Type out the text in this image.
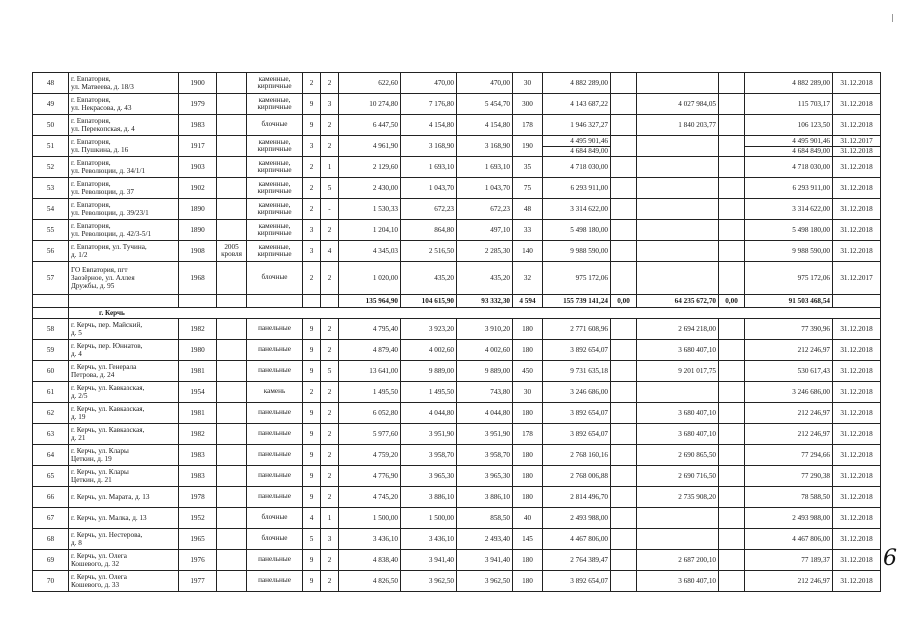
48	г. Евпатория,
ул. Матвеева, д. 18/3	1900		каменные,
кирпичные	2	2	622,60	470,00	470,00	30	4 882 289,00				4 882 289,00	31.12.2018
49	г. Евпатория,
ул. Некрасова, д. 43	1979		каменные,
кирпичные	9	3	10 274,80	7 176,80	5 454,70	300	4 143 687,22		4 027 984,05		115 703,17	31.12.2018
50	г. Евпатория,
ул. Перекопская, д. 4	1983		блочные	9	2	6 447,50	4 154,80	4 154,80	178	1 946 327,27		1 840 203,77		106 123,50	31.12.2018
51	г. Евпатория,
ул. Пушкина, д. 16	1917		каменные,
кирпичные	3	2	4 961,90	3 168,90	3 168,90	190	4 495 901,46
4 684 849,00				4 495 901,46
4 684 849,00	31.12.2017
31.12.2018

52	г. Евпатория,
ул. Революции, д. 34/1/1	1903		каменные,
кирпичные	2	1	2 129,60	1 693,10	1 693,10	35	4 718 030,00				4 718 030,00	31.12.2018
53	г. Евпатория,
ул. Революции, д. 37	1902		каменные,
кирпичные	2	5	2 430,00	1 043,70	1 043,70	75	6 293 911,00				6 293 911,00	31.12.2018
54	г. Евпатория,
ул. Революции, д. 39/23/1	1890		каменные,
кирпичные	2	-	1 530,33	672,23	672,23	48	3 314 622,00				3 314 622,00	31.12.2018
55	г. Евпатория,
ул. Революции, д. 42/3-5/1	1890		каменные,
кирпичные	3	2	1 204,10	864,80	497,10	33	5 498 180,00				5 498 180,00	31.12.2018
56	г. Евпатория, ул. Тучина,
д. 1/2	1908	2005
кровля	каменные,
кирпичные	3	4	4 345,03	2 516,50	2 285,30	140	9 988 590,00				9 988 590,00	31.12.2018
57	ГО Евпатория, пгт
Заозёрное, ул. Аллея
Дружбы, д. 95	1968		блочные	2	2	1 020,00	435,20	435,20	32	975 172,06				975 172,06	31.12.2017
							135 964,90	104 615,90	93 332,30	4 594	155 739 141,24	0,00	64 235 672,70	0,00	91 503 468,54	
	г. Керчь															
58	г. Керчь, пер. Майский,
д. 5	1982		панельные	9	2	4 795,40	3 923,20	3 910,20	180	2 771 608,96		2 694 218,00		77 390,96	31.12.2018
59	г. Керчь, пер. Юннатов,
д. 4	1980		панельные	9	2	4 879,40	4 002,60	4 002,60	180	3 892 654,07		3 680 407,10		212 246,97	31.12.2018
60	г. Керчь, ул. Генерала
Петрова, д. 24	1981		панельные	9	5	13 641,00	9 889,00	9 889,00	450	9 731 635,18		9 201 017,75		530 617,43	31.12.2018
61	г. Керчь, ул. Кавказская,
д. 2/5	1954		камень	2	2	1 495,50	1 495,50	743,80	30	3 246 686,00				3 246 686,00	31.12.2018
62	г. Керчь, ул. Кавказская,
д. 19	1981		панельные	9	2	6 052,80	4 044,80	4 044,80	180	3 892 654,07		3 680 407,10		212 246,97	31.12.2018
63	г. Керчь, ул. Кавказская,
д. 21	1982		панельные	9	2	5 977,60	3 951,90	3 951,90	178	3 892 654,07		3 680 407,10		212 246,97	31.12.2018
64	г. Керчь, ул. Клары
Цеткин, д. 19	1983		панельные	9	2	4 759,20	3 958,70	3 958,70	180	2 768 160,16		2 690 865,50		77 294,66	31.12.2018
65	г. Керчь, ул. Клары
Цеткин, д. 21	1983		панельные	9	2	4 776,90	3 965,30	3 965,30	180	2 768 006,88		2 690 716,50		77 290,38	31.12.2018
66	г. Керчь, ул. Марата, д. 13	1978		панельные	9	2	4 745,20	3 886,10	3 886,10	180	2 814 496,70		2 735 908,20		78 588,50	31.12.2018
67	г. Керчь, ул. Малка, д. 13	1952		блочные	4	1	1 500,00	1 500,00	858,50	40	2 493 988,00				2 493 988,00	31.12.2018
68	г. Керчь, ул. Нестерова,
д. 8	1965		блочные	5	3	3 436,10	3 436,10	2 493,40	145	4 467 806,00				4 467 806,00	31.12.2018
69	г. Керчь, ул. Олега
Кошевого, д. 32	1976		панельные	9	2	4 838,40	3 941,40	3 941,40	180	2 764 389,47		2 687 200,10		77 189,37	31.12.2018
70	г. Керчь, ул. Олега
Кошевого, д. 33	1977		панельные	9	2	4 826,50	3 962,50	3 962,50	180	3 892 654,07		3 680 407,10		212 246,97	31.12.2018
6
